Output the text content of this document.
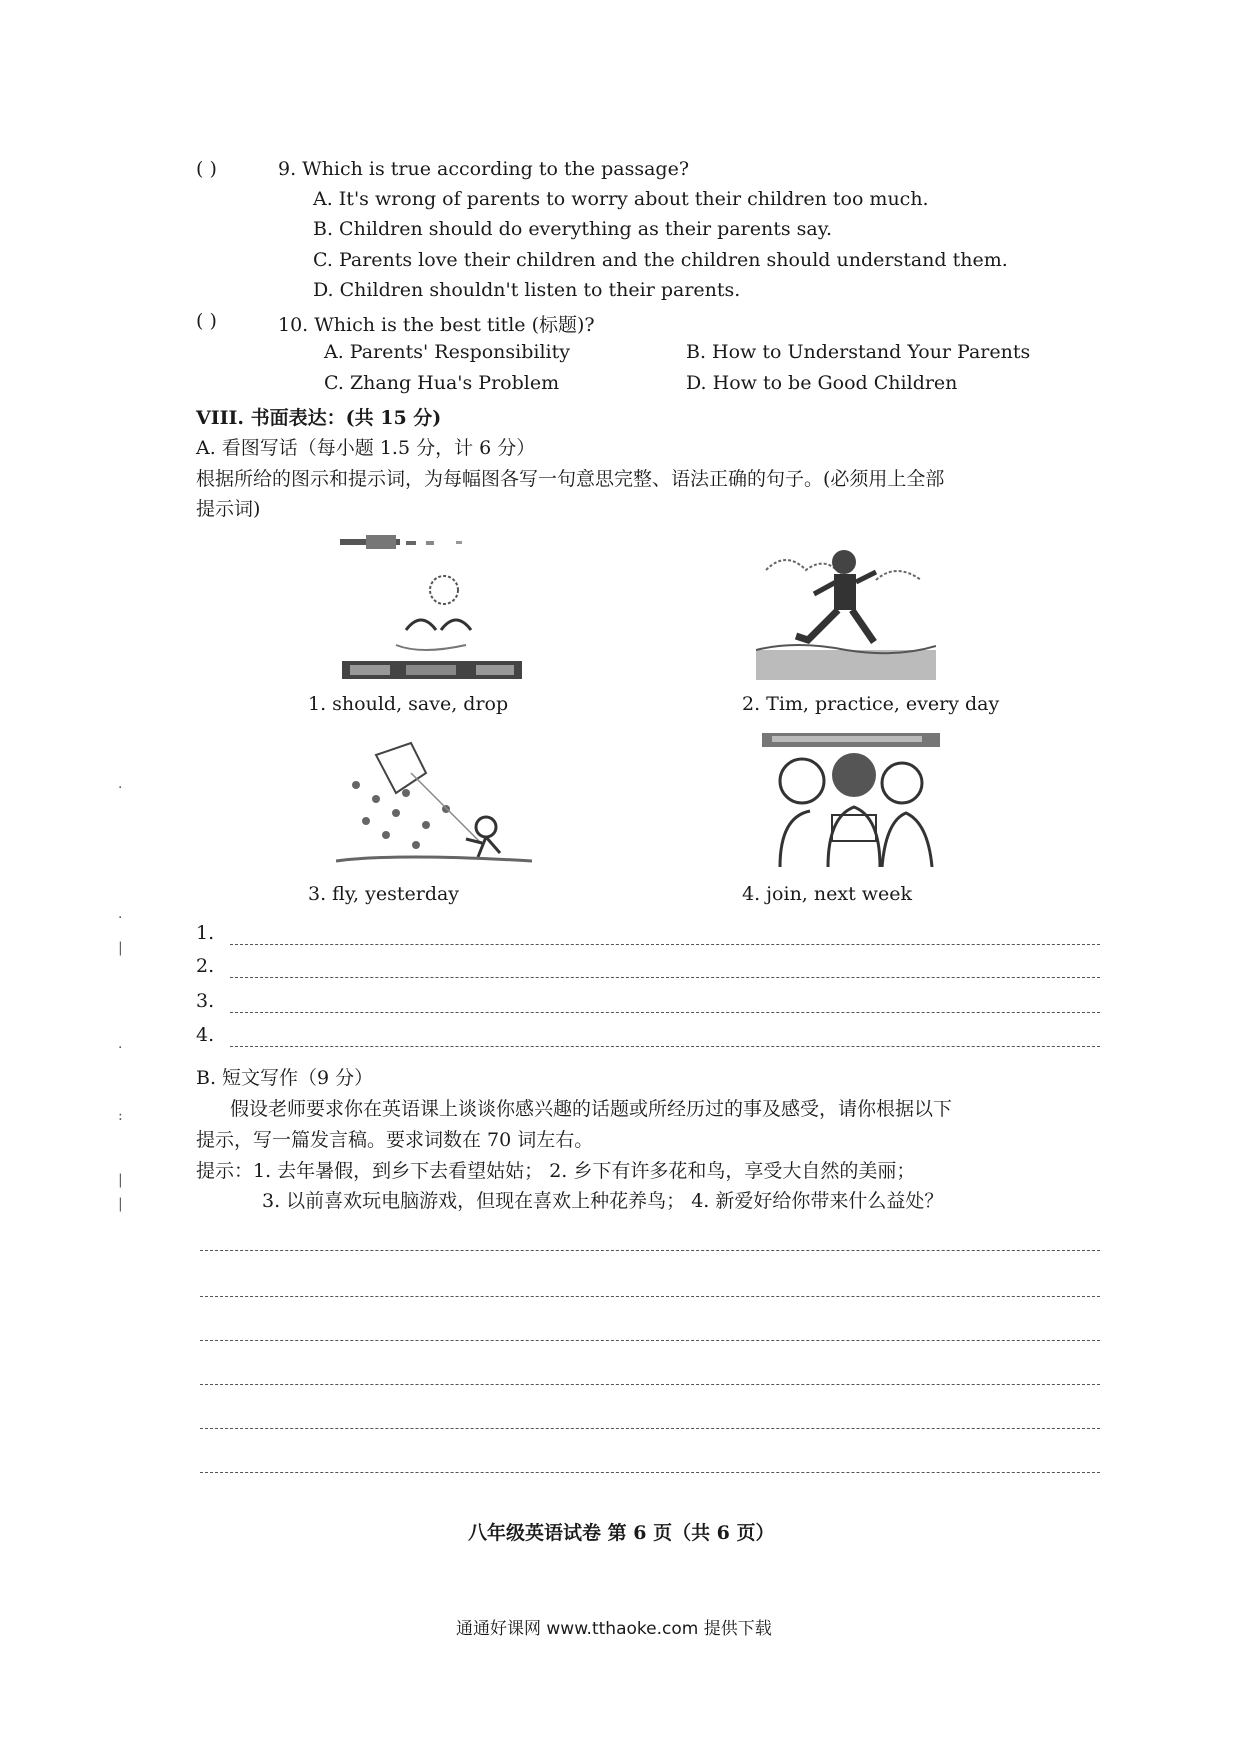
( )	9. Which is true according to the passage?
A. It's wrong of parents to worry about their children too much.
B. Children should do everything as their parents say.
C. Parents love their children and the children should understand them.
D. Children shouldn't listen to their parents.
( )	10. Which is the best title (标题)?
A. Parents' Responsibility	B. How to Understand Your Parents
C. Zhang Hua's Problem	D. How to be Good Children
VIII. 书面表达：(共 15 分)
A. 看图写话（每小题 1.5 分，计 6 分）
根据所给的图示和提示词，为每幅图各写一句意思完整、语法正确的句子。(必须用上全部
提示词)
1. should, save, drop	2. Tim, practice, every day
3. fly, yesterday	4. join, next week
1.
2.
3.
4.
B. 短文写作（9 分）
假设老师要求你在英语课上谈谈你感兴趣的话题或所经历过的事及感受，请你根据以下
提示，写一篇发言稿。要求词数在 70 词左右。
提示：1. 去年暑假，到乡下去看望姑姑； 2. 乡下有许多花和鸟，享受大自然的美丽；
3. 以前喜欢玩电脑游戏，但现在喜欢上种花养鸟； 4. 新爱好给你带来什么益处？
八年级英语试卷 第 6 页（共 6 页）
通通好课网 www.tthaoke.com 提供下载
·
·
|
·
:
|
|
